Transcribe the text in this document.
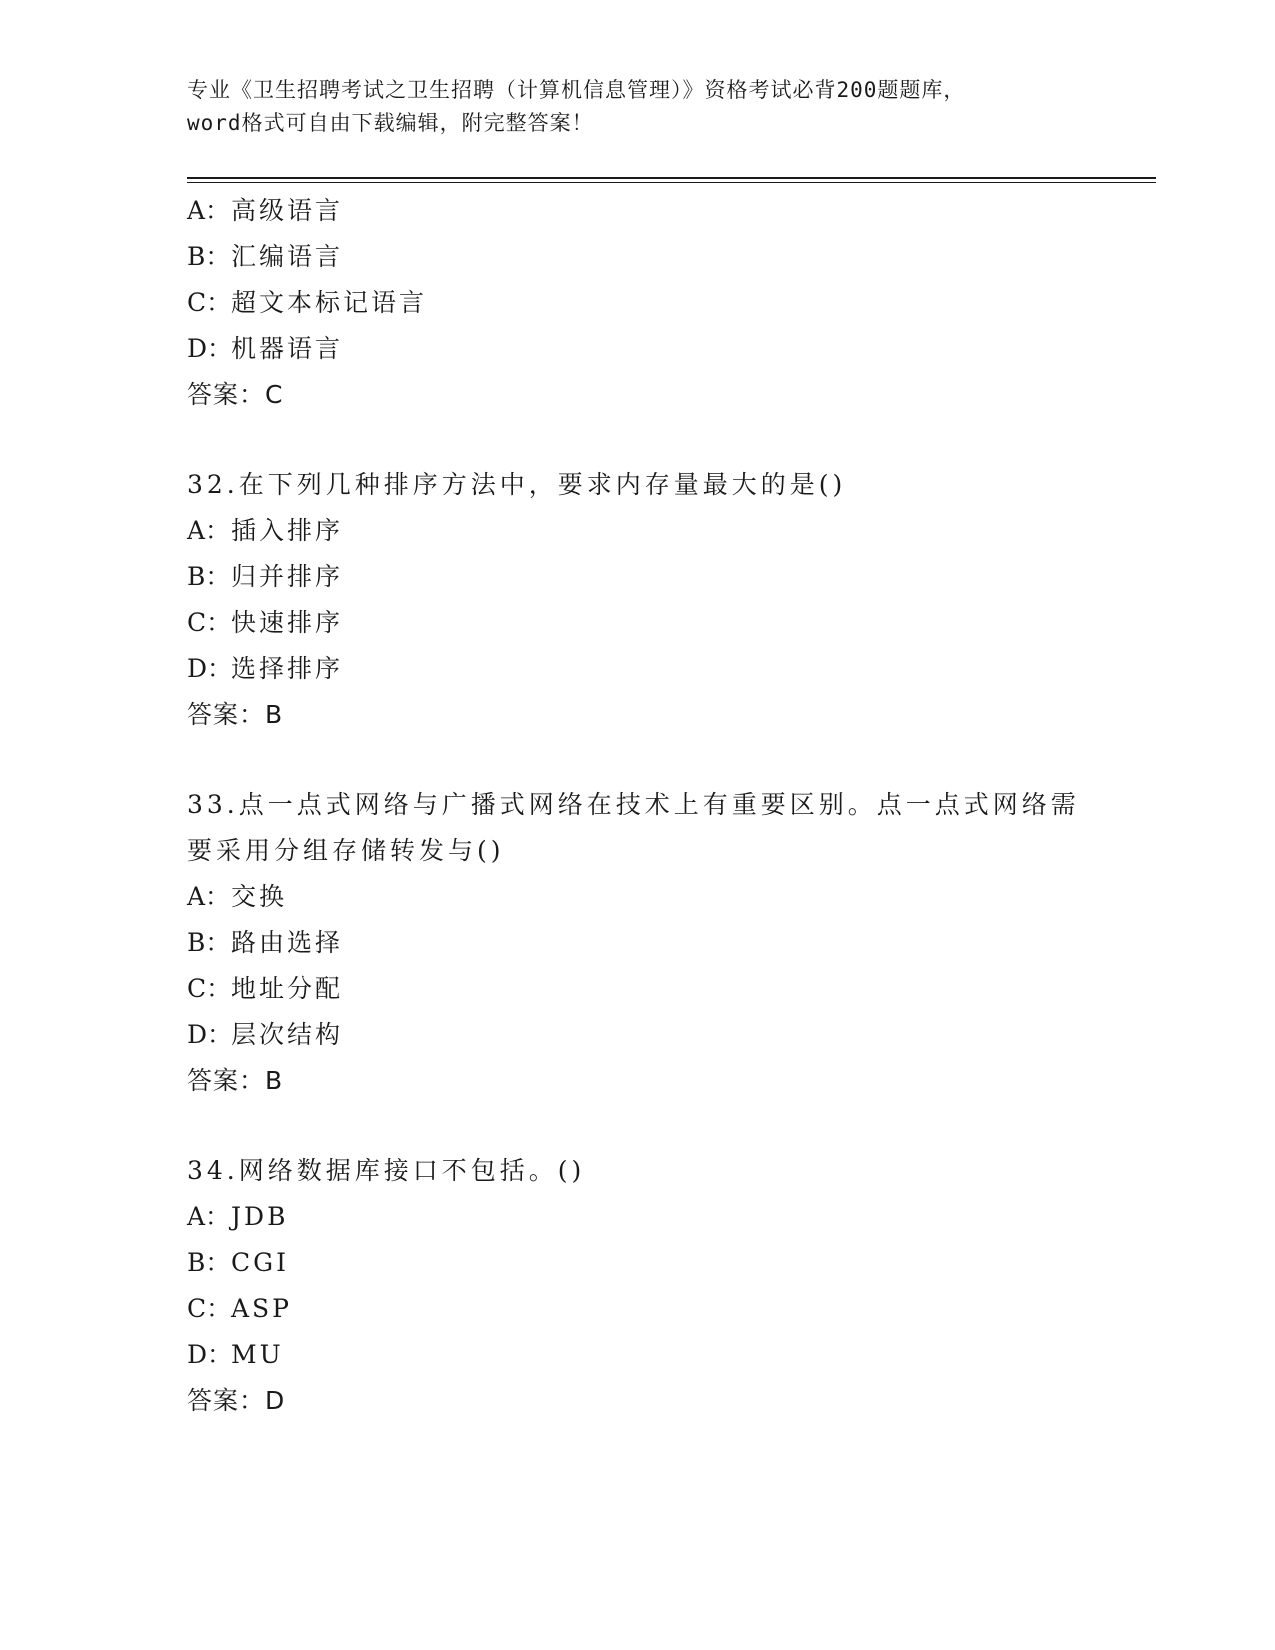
专业《卫生招聘考试之卫生招聘（计算机信息管理）》资格考试必背200题题库，
word格式可自由下载编辑，附完整答案！
A：高级语言
B：汇编语言
C：超文本标记语言
D：机器语言
答案：C
32.在下列几种排序方法中，要求内存量最大的是()
A：插入排序
B：归并排序
C：快速排序
D：选择排序
答案：B
33.点一点式网络与广播式网络在技术上有重要区别。点一点式网络需
要采用分组存储转发与()
A：交换
B：路由选择
C：地址分配
D：层次结构
答案：B
34.网络数据库接口不包括。()
A：JDB
B：CGI
C：ASP
D：MU
答案：D
